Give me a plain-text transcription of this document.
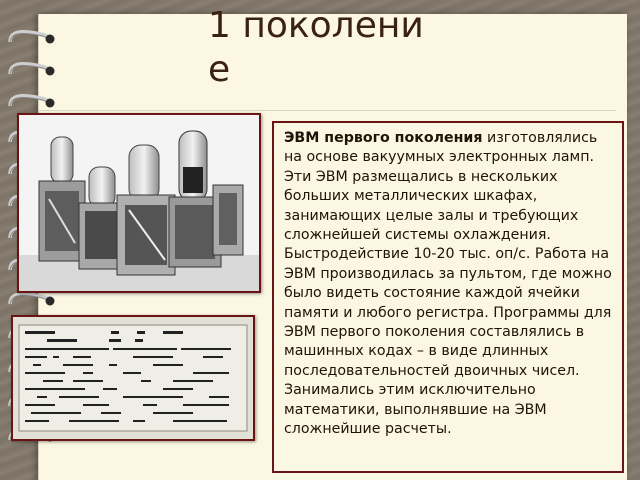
1 поколение
ЭВМ первого поколения изготовлялись на основе вакуумных электронных ламп. Эти ЭВМ размещались в нескольких больших металлических шкафах, занимающих целые залы и требующих сложнейшей системы охлаждения. Быстродействие 10-20 тыс. оп/с. Работа на ЭВМ производилась за пультом, где можно было видеть состояние каждой ячейки памяти и любого регистра. Программы для ЭВМ первого поколения составлялись в машинных кодах – в виде длинных последовательностей двоичных чисел. Занимались этим исключительно математики, выполнявшие на ЭВМ сложнейшие расчеты.
